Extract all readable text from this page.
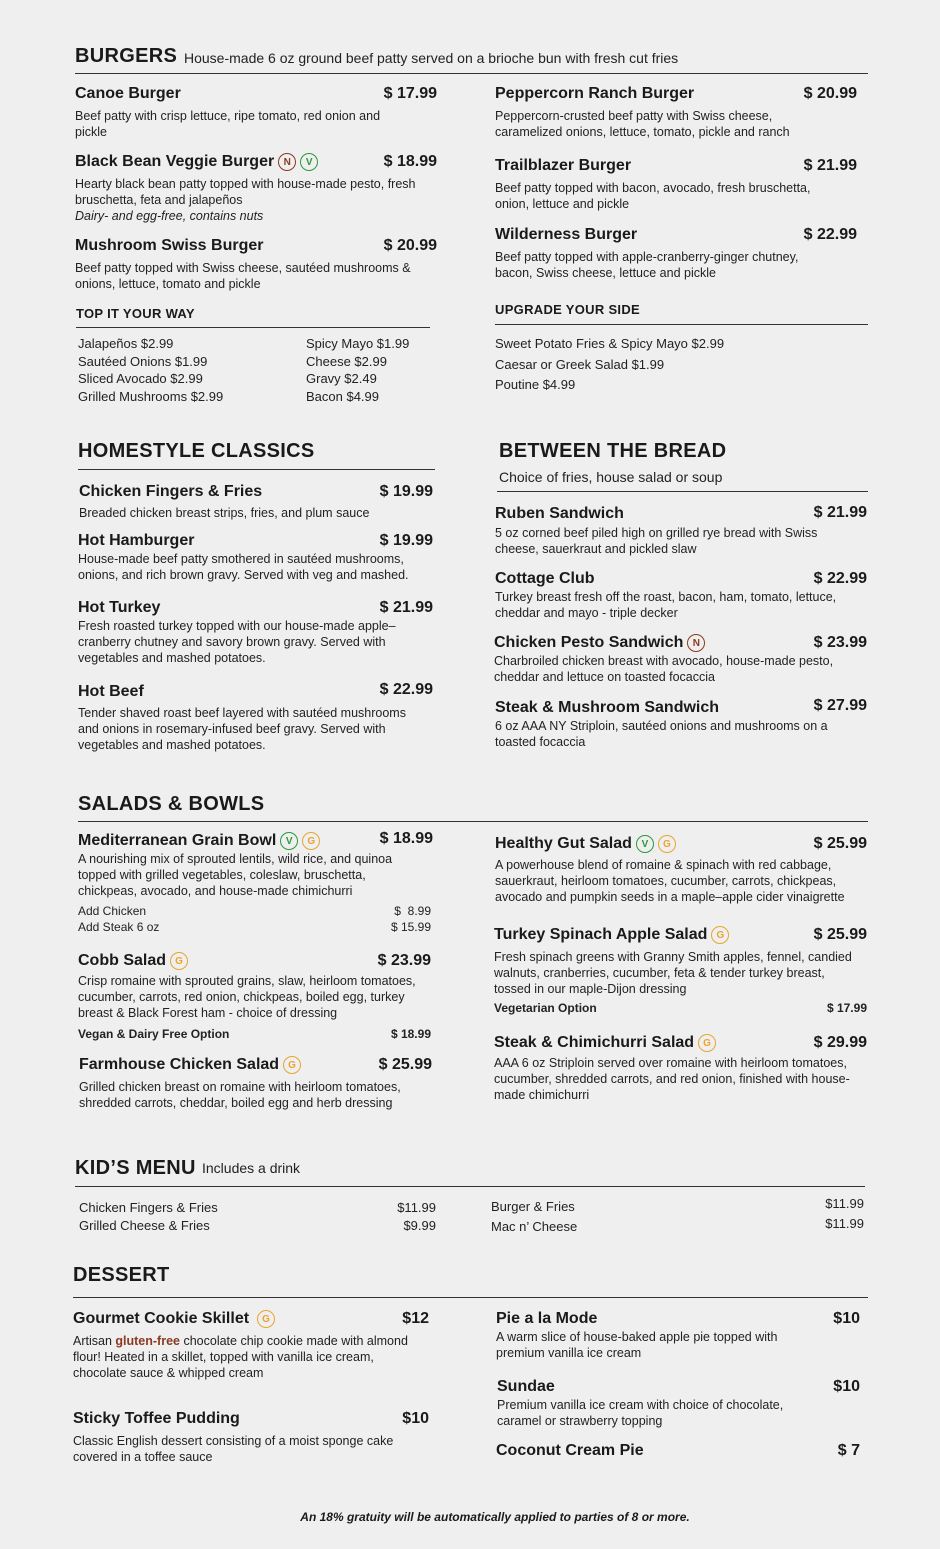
BURGERS House-made 6 oz ground beef patty served on a brioche bun with fresh cut fries
Canoe Burger	$ 17.99
Beef patty with crisp lettuce, ripe tomato, red onion and pickle
Black Bean Veggie Burger N	V	$ 18.99
Hearty black bean patty topped with house-made pesto, fresh bruschetta, feta and jalapeños
Dairy- and egg-free, contains nuts
Mushroom Swiss Burger	$ 20.99
Beef patty topped with Swiss cheese, sautéed mushrooms & onions, lettuce, tomato and pickle
Peppercorn Ranch Burger	$ 20.99
Peppercorn-crusted beef patty with Swiss cheese, caramelized onions, lettuce, tomato, pickle and ranch
Trailblazer Burger	$ 21.99
Beef patty topped with bacon, avocado, fresh bruschetta, onion, lettuce and pickle
Wilderness Burger	$ 22.99
Beef patty topped with apple-cranberry-ginger chutney, bacon, Swiss cheese, lettuce and pickle
TOP IT YOUR WAY
Jalapeños $2.99
Sautéed Onions $1.99
Sliced Avocado $2.99
Grilled Mushrooms $2.99
Spicy Mayo $1.99
Cheese $2.99
Gravy $2.49
Bacon $4.99
UPGRADE YOUR SIDE
Sweet Potato Fries & Spicy Mayo $2.99
Caesar or Greek Salad $1.99
Poutine $4.99
HOMESTYLE CLASSICS
Chicken Fingers & Fries	$ 19.99
Breaded chicken breast strips, fries, and plum sauce
Hot Hamburger	$ 19.99
House-made beef patty smothered in sautéed mushrooms, onions, and rich brown gravy. Served with veg and mashed.
Hot Turkey	$ 21.99
Fresh roasted turkey topped with our house-made apple–cranberry chutney and savory brown gravy. Served with vegetables and mashed potatoes.
Hot Beef	$ 22.99
Tender shaved roast beef layered with sautéed mushrooms and onions in rosemary-infused beef gravy. Served with vegetables and mashed potatoes.
BETWEEN THE BREAD
Choice of fries, house salad or soup
Ruben Sandwich	$ 21.99
5 oz corned beef piled high on grilled rye bread with Swiss cheese, sauerkraut and pickled slaw
Cottage Club	$ 22.99
Turkey breast fresh off the roast, bacon, ham, tomato, lettuce, cheddar and mayo - triple decker
Chicken Pesto Sandwich N	$ 23.99
Charbroiled chicken breast with avocado, house-made pesto, cheddar and lettuce on toasted focaccia
Steak & Mushroom Sandwich	$ 27.99
6 oz AAA NY Striploin, sautéed onions and mushrooms on a toasted focaccia
SALADS & BOWLS
Mediterranean Grain Bowl V	G	$ 18.99
A nourishing mix of sprouted lentils, wild rice, and quinoa topped with grilled vegetables, coleslaw, bruschetta, chickpeas, avocado, and house-made chimichurri
Add Chicken	$  8.99
Add Steak 6 oz	$ 15.99
Cobb Salad G	$ 23.99
Crisp romaine with sprouted grains, slaw, heirloom tomatoes, cucumber, carrots, red onion, chickpeas, boiled egg, turkey breast & Black Forest ham - choice of dressing
Vegan & Dairy Free Option	$ 18.99
Farmhouse Chicken Salad G	$ 25.99
Grilled chicken breast on romaine with heirloom tomatoes, shredded carrots, cheddar, boiled egg and herb dressing
Healthy Gut Salad V	G	$ 25.99
A powerhouse blend of romaine & spinach with red cabbage, sauerkraut, heirloom tomatoes, cucumber, carrots, chickpeas, avocado and pumpkin seeds in a maple–apple cider vinaigrette
Turkey Spinach Apple Salad G	$ 25.99
Fresh spinach greens with Granny Smith apples, fennel, candied walnuts, cranberries, cucumber, feta & tender turkey breast, tossed in our maple-Dijon dressing
Vegetarian Option	$ 17.99
Steak & Chimichurri Salad G	$ 29.99
AAA 6 oz Striploin served over romaine with heirloom tomatoes, cucumber, shredded carrots, and red onion, finished with house-made chimichurri
KID’S MENU Includes a drink
Chicken Fingers & Fries	$11.99
Grilled Cheese & Fries	$9.99
Burger & Fries	$11.99
Mac n’ Cheese	$11.99
DESSERT
Gourmet Cookie Skillet	G	$12
Artisan gluten-free chocolate chip cookie made with almond flour! Heated in a skillet, topped with vanilla ice cream, chocolate sauce & whipped cream
Sticky Toffee Pudding	$10
Classic English dessert consisting of a moist sponge cake covered in a toffee sauce
Pie a la Mode	$10
A warm slice of house-baked apple pie topped with premium vanilla ice cream
Sundae	$10
Premium vanilla ice cream with choice of chocolate, caramel or strawberry topping
Coconut Cream Pie	$ 7
An 18% gratuity will be automatically applied to parties of 8 or more.
